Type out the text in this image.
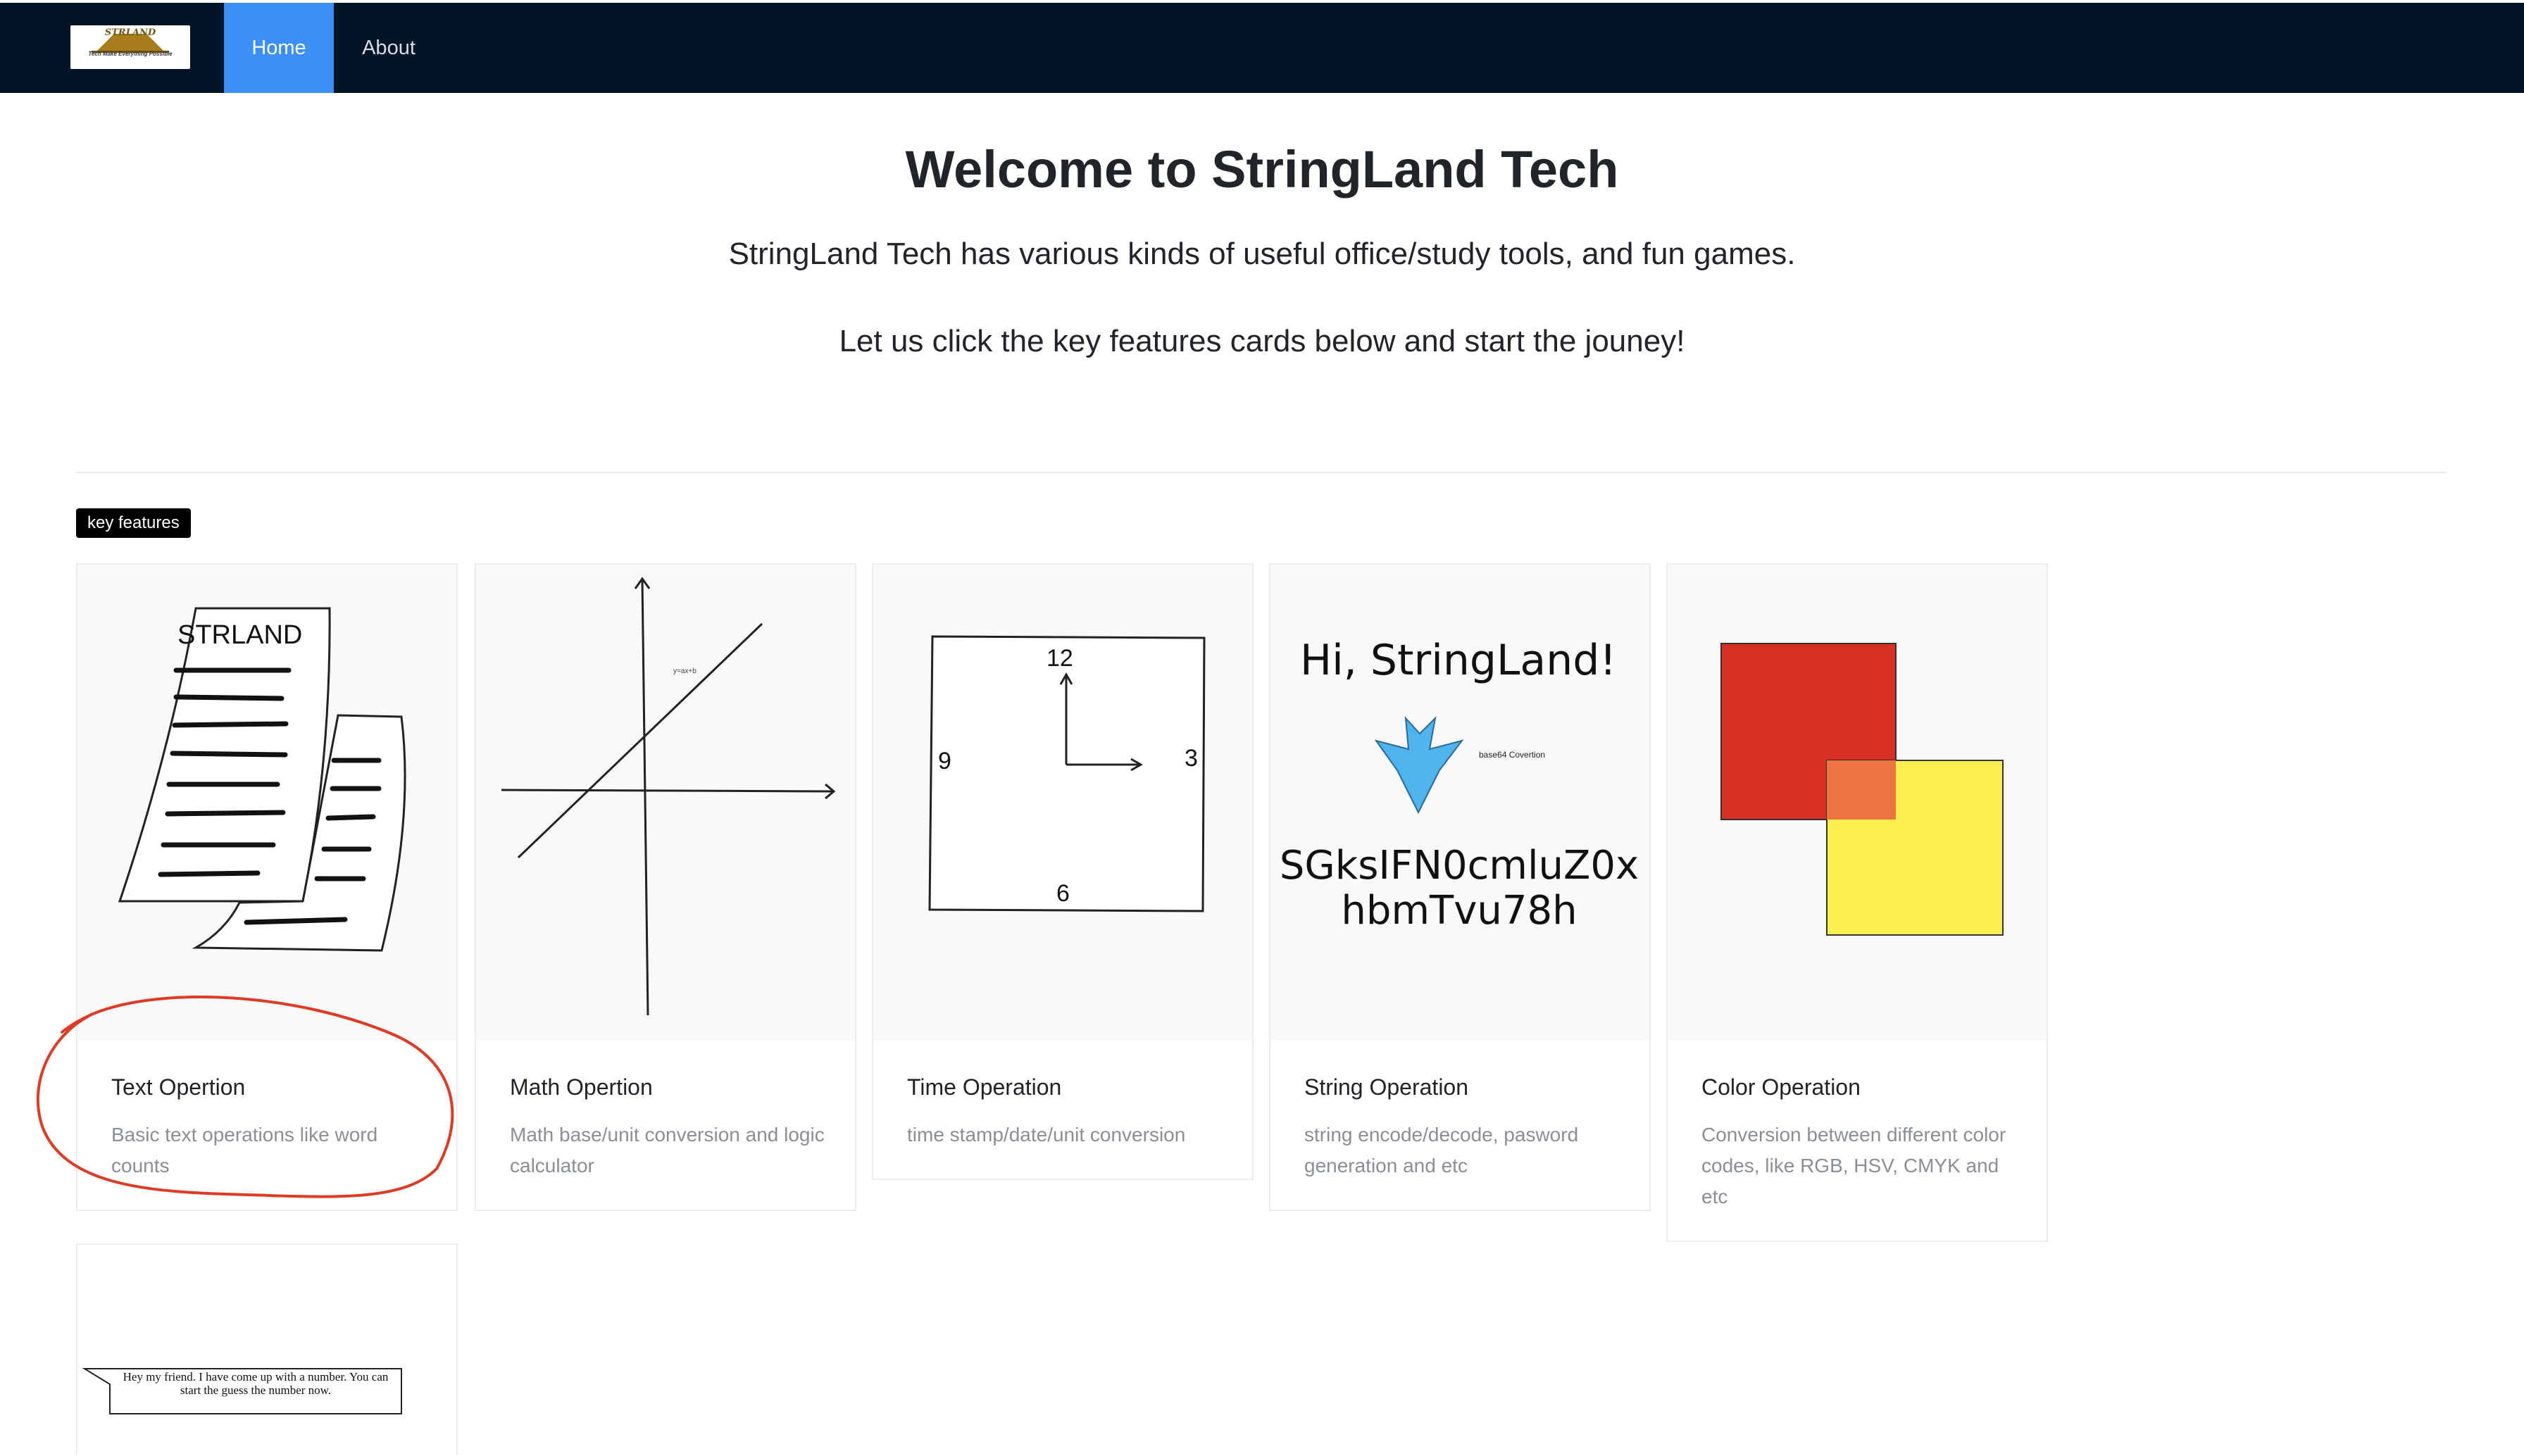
STRLAND
Tech Make Everything Possible	Home	About
Welcome to StringLand Tech

StringLand Tech has various kinds of useful office/study tools, and fun games.

Let us click the key features cards below and start the jouney!

key features
STRLAND
Text Opertion
Basic text operations like word counts
y=ax+b
Math Opertion
Math base/unit conversion and logic calculator
12
3
6
9
Time Operation
time stamp/date/unit conversion
Hi, StringLand!
base64 Covertion
SGksIFN0cmluZ0x
hbmTvu78h
String Operation
string encode/decode, pasword generation and etc
Color Operation
Conversion between different color codes, like RGB, HSV, CMYK and etc
Hey my friend. I have come up with a number. You can start the guess the number now.
